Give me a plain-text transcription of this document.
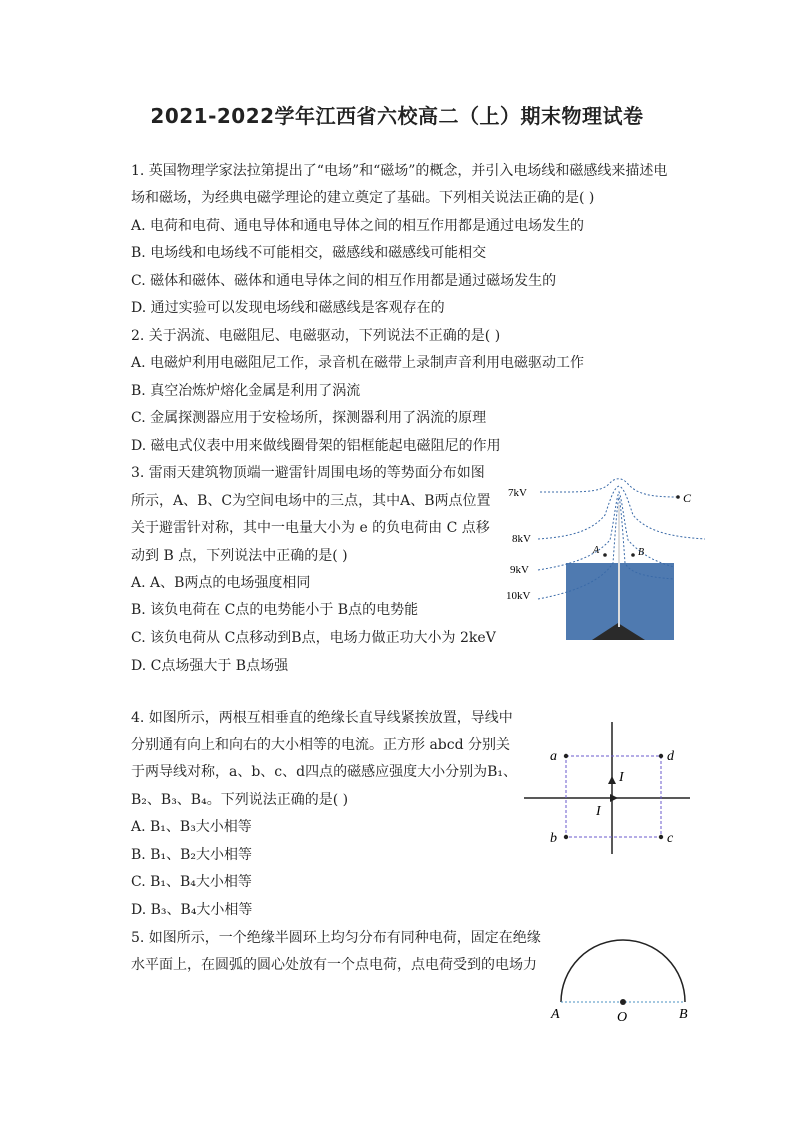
2021-2022学年江西省六校高二（上）期末物理试卷
1. 英国物理学家法拉第提出了“电场”和“磁场”的概念，并引入电场线和磁感线来描述电
场和磁场，为经典电磁学理论的建立奠定了基础。下列相关说法正确的是( )
A. 电荷和电荷、通电导体和通电导体之间的相互作用都是通过电场发生的
B. 电场线和电场线不可能相交，磁感线和磁感线可能相交
C. 磁体和磁体、磁体和通电导体之间的相互作用都是通过磁场发生的
D. 通过实验可以发现电场线和磁感线是客观存在的
2. 关于涡流、电磁阻尼、电磁驱动，下列说法不正确的是( )
A. 电磁炉利用电磁阻尼工作，录音机在磁带上录制声音利用电磁驱动工作
B. 真空冶炼炉熔化金属是利用了涡流
C. 金属探测器应用于安检场所，探测器利用了涡流的原理
D. 磁电式仪表中用来做线圈骨架的铝框能起电磁阻尼的作用
3. 雷雨天建筑物顶端一避雷针周围电场的等势面分布如图
所示，A、B、C为空间电场中的三点，其中A、B两点位置
关于避雷针对称，其中一电量大小为 e 的负电荷由 C 点移
动到 B 点，下列说法中正确的是( )
A. A、B两点的电场强度相同
B. 该负电荷在 C点的电势能小于 B点的电势能
C. 该负电荷从 C点移动到B点，电场力做正功大小为 2keV
D. C点场强大于 B点场强
7kV
8kV
9kV
10kV
A	B
C
4. 如图所示，两根互相垂直的绝缘长直导线紧挨放置，导线中
分别通有向上和向右的大小相等的电流。正方形 abcd 分别关
于两导线对称，a、b、c、d四点的磁感应强度大小分别为B₁、
B₂、B₃、B₄。下列说法正确的是( )
A. B₁、B₃大小相等
B. B₁、B₂大小相等
C. B₁、B₄大小相等
D. B₃、B₄大小相等
a	d
b	c
I
I
5. 如图所示，一个绝缘半圆环上均匀分布有同种电荷，固定在绝缘
水平面上，在圆弧的圆心处放有一个点电荷，点电荷受到的电场力
A	O	B
